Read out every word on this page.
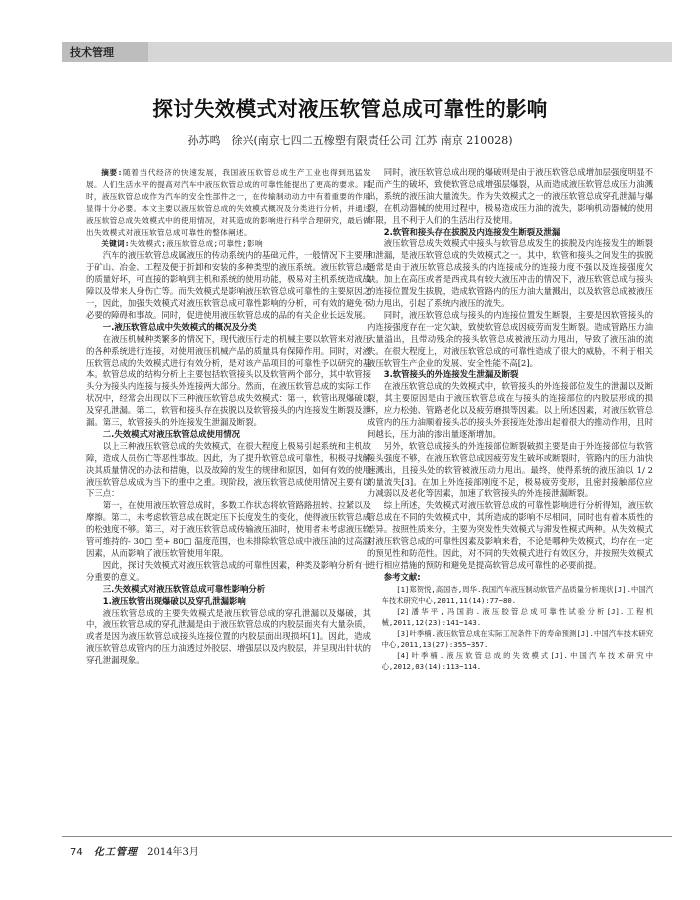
技术管理
探讨失效模式对液压软管总成可靠性的影响
孙苏鸣　徐兴(南京七四二五橡塑有限责任公司 江苏 南京 210028)

摘要:随着当代经济的快速发展，我国液压软管总成生产工业也得到迅猛发展。人们生活水平的提高对汽车中液压软管总成的可靠性能提出了更高的要求。同时，液压软管总成作为汽车的安全性部件之一，在传输制动动力中有着重要的作用显得十分必要。本文主要以液压软管总成的失效模式概况及分类进行分析，并通过液压软管总成失效模式中的使用情况，对其造成的影响进行科学合理研究，最后做出失效模式对液压软管总成可靠性的整体阐述。

关键词:失效模式;液压软管总成;可靠性;影响

汽车的液压软管总成属液压的传动系统内的基础元件，一般情况下主要用于矿山、冶金、工程及便于折卸和安装的多种类型的液压系统。液压软管总成的质量好坏，可直接的影响到主机和系统的使用功能，极易对主机系统造成故障以及带来人身伤亡等。而失效模式是影响液压软管总成可靠性的主要原因之一，因此，加强失效模式对液压软管总成可靠性影响的分析，可有效的避免不必要的障碍和事故。同时，促进使用液压软管总成的品的有关企业长远发展。

一.液压软管总成中失效模式的概况及分类

在液压机械种类繁多的情况下，现代液压行走的机械主要以软管来对液压的各种系统进行连接，对使用液压机械产品的质量具有保障作用。同时，对液压软管总成的失效模式进行有效分析，是对该产品项目的可靠性予以研究的基本。软管总成的结构分析上主要包括软管接头以及软管两个部分，其中软管接头分为接头内连接与接头外连接两大部分。然而，在液压软管总成的实际工作状况中，经常会出现以下三种液压软管总成失效模式：第一，软管出现爆破以及穿孔泄漏。第二，软管和接头存在拔脱以及软管接头的内连接发生断裂及泄漏。第三，软管接头的外连接发生泄漏及断裂。

二.失效模式对液压软管总成使用情况

以上三种液压软管总成的失效模式，在很大程度上极易引起系统和主机故障，造成人员伤亡等恶性事故。因此，为了提升软管总成可靠性，积极寻找解决其质量情况的办法和措施，以及故障的发生的规律和原因，如何有效的使用液压软管总成成为当下的重中之重。现阶段，液压软管总成使用情况主要有以下三点：

第一，在使用液压软管总成时，多数工作状态将软管路路扭转、拉紧以及摩擦。第二，未考虑软管总成在既定压下长度发生的变化，使得液压软管总成的松弛度不够。第三，对于液压软管总成传输液压油时，使用者未考虑液压软管可维持的- 30□ 至+ 80□ 温度范围，也未排除软管总成中液压油的过高温因素，从而影响了液压软管使用年限。

因此，探讨失效模式对液压软管总成的可靠性因素，种类及影响分析有十分重要的意义。

三.失效模式对液压软管总成可靠性影响分析

1.液压软管出现爆破以及穿孔泄漏影响

液压软管总成的主要失效模式是液压软管总成的穿孔泄漏以及爆破，其中，液压软管总成的穿孔泄漏是由于液压软管总成的内胶层面夹有大量杂质，或者是因为液压软管总成接头连接位置的内胶层面出现损坏[1]。因此，造成液压软管总成管内的压力油透过外胶层、增强层以及内胶层，并呈现出针状的穿孔泄漏现象。

同时，液压软管总成出现的爆破则是由于液压软管总成增加层强度明显不足而产生的破坏，致使软管总成增强层爆裂，从而造成液压软管总成压力油溅出，系统的液压油大量流失。作为失效模式之一的液压软管总成穿孔泄漏与爆裂，在机动器械的使用过程中，极易造成压力油的流失，影响机动器械的使用年限，且不利于人们的生活出行及使用。

2.软管和接头存在拔脱及内连接发生断裂及泄漏

液压软管总成失效模式中接头与软管总成发生的拔脱及内连接发生的断裂和泄漏，是液压软管总成的失效模式之一。其中，软管和接头之间发生的拔脱通常是由于液压软管总成接头的内连接成分的连接力度不强以及连接强度欠缺。加上在高压或者是西戎具有较大液压冲击的情况下，液压软管总成与接头的连接位置发生拔脱，造成软管路内的压力油大量溅出，以及软管总成被液压动力甩出，引起了系统内液压的流失。

同时，液压软管总成与接头的内连接位置发生断裂，主要是因软管接头的内连接强度存在一定欠缺，致使软管总成因疲劳而发生断裂。造成管路压力油大量溢出，且带动残余的接头软管总成被液压动力甩出，导致了液压油的流失。在很大程度上，对液压软管总成的可靠性造成了很大的威胁，不利于相关液压软管生产企业的发展、安全性能不高[2]。

3.软管接头的外连接发生泄漏及断裂

在液压软管总成的失效模式中，软管接头的外连接部位发生的泄漏以及断裂，其主要原因是由于液压软管总成在与接头的连接部位的内胶层形成的损坏，应力松弛、管路老化以及疲劳磨损等因素。以上所述因素，对液压软管总成管内的压力油顺着接头芯的接头外套接连处渗出起着很大的推动作用，且时间越长，压力油的渗出量逐渐增加。

另外，软管总成接头的外连接部位断裂破损主要是由于外连接部位与软管接头强度不够，在液压软管总成因疲劳发生破坏或断裂时，管路内的压力油快速溅出，且接头处的软管被液压动力甩出。最终，使得系统的液压油以 1/ 2 的量流失[3]。在加上外连接部刚度不足，极易疲劳变形，且密封接触部位应力减弱以及老化等因素，加速了软管接头的外连接泄漏断裂。

综上所述，失效模式对液压软管总成的可靠性影响进行分析得知，液压软管总成在不同的失效模式中，其所造成的影响不尽相同，同时也有着本质性的差异。按照性质来分，主要为突发性失效模式与滞发性模式两种。从失效模式对液压软管总成的可靠性因素及影响来看，不论是哪种失效模式，均存在一定的预见性和防范性。因此，对不同的失效模式进行有效区分，并按照失效模式进行相应措施的预防和避免是提高软管总成可靠性的必要前提。

参考文献:

[1]郑贺悦,高国杏,周华.我国汽车液压制动软管产品质量分析现状[J].中国汽车技术研究中心,2011,11(14):77~80.

[2]潘华平,冯国韵.液压胶管总成可靠性试验分析[J].工程机械,2011,12(23):141~143.

[3]叶季楠.液压软管总成在实际工况条件下的寿命预测[J].中国汽车技术研究中心,2011,13(27):355~357.

[4]叶季楠.液压软管总成的失效模式[J].中国汽车技术研究中心,2012,03(14):113~114.

74 化工管理 2014年3月
